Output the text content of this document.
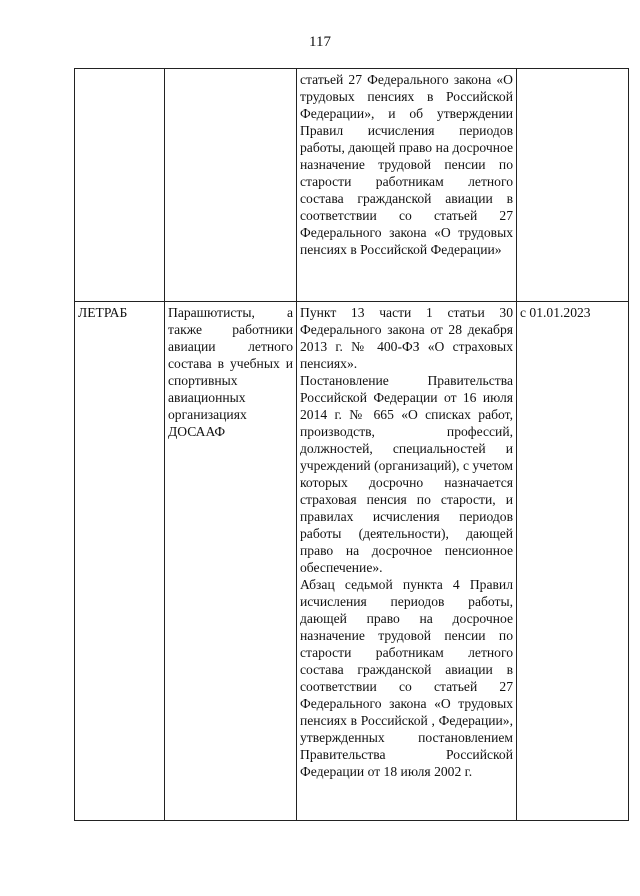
117

		статьей 27 Федерального закона «О трудовых пенсиях в Российской Федерации», и об утверждении Правил исчисления периодов работы, дающей право на досрочное назначение трудовой пенсии по старости работникам летного состава гражданской авиации в соответствии со статьей 27 Федерального закона «О трудовых пенсиях в Российской Федерации»	

ЛЕТРАБ	Парашютисты, а также работники авиации летного состава в учебных и спортивных авиационных организациях ДОСААФ	Пункт 13 части 1 статьи 30 Федерального закона от 28 декабря 2013 г. № 400-ФЗ «О страховых пенсиях».
Постановление Правительства Российской Федерации от 16 июля 2014 г. № 665 «О списках работ, производств, профессий, должностей, специальностей и учреждений (организаций), с учетом которых досрочно назначается страховая пенсия по старости, и правилах исчисления периодов работы (деятельности), дающей право на досрочное пенсионное обеспечение».
Абзац седьмой пункта 4 Правил исчисления периодов работы, дающей право на досрочное назначение трудовой пенсии по старости работникам летного состава гражданской авиации в соответствии со статьей 27 Федерального закона «О трудовых пенсиях в Российской , Федерации», утвержденных постановлением Правительства Российской Федерации от 18 июля 2002 г.	с 01.01.2023
